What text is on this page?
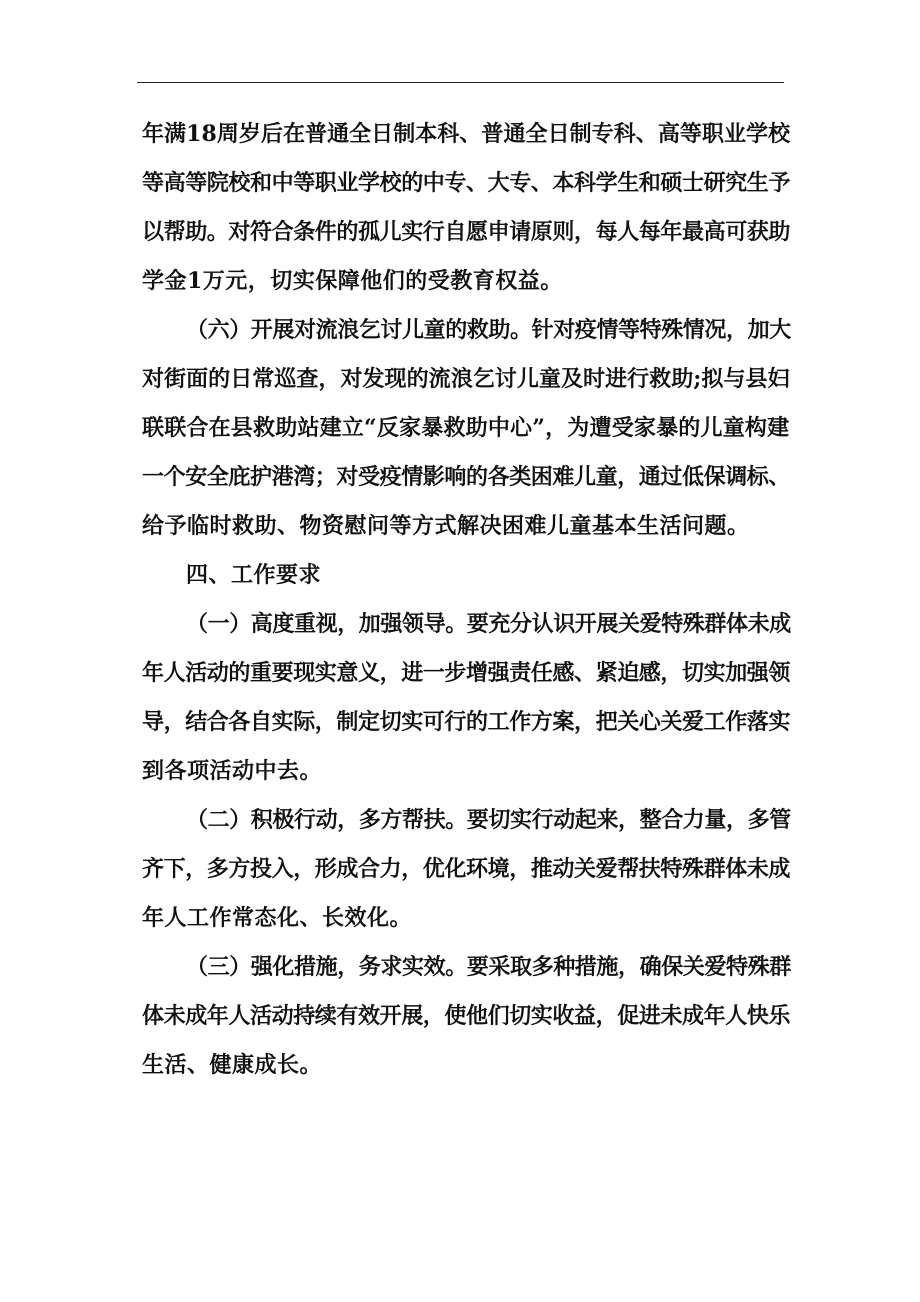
年满18周岁后在普通全日制本科、普通全日制专科、高等职业学校
等高等院校和中等职业学校的中专、大专、本科学生和硕士研究生予
以帮助。对符合条件的孤儿实行自愿申请原则，每人每年最高可获助
学金1万元，切实保障他们的受教育权益。
（六）开展对流浪乞讨儿童的救助。针对疫情等特殊情况，加大
对街面的日常巡查，对发现的流浪乞讨儿童及时进行救助;拟与县妇
联联合在县救助站建立“反家暴救助中心”，为遭受家暴的儿童构建
一个安全庇护港湾；对受疫情影响的各类困难儿童，通过低保调标、
给予临时救助、物资慰问等方式解决困难儿童基本生活问题。
四、工作要求
（一）高度重视，加强领导。要充分认识开展关爱特殊群体未成
年人活动的重要现实意义，进一步增强责任感、紧迫感，切实加强领
导，结合各自实际，制定切实可行的工作方案，把关心关爱工作落实
到各项活动中去。
（二）积极行动，多方帮扶。要切实行动起来，整合力量，多管
齐下，多方投入，形成合力，优化环境，推动关爱帮扶特殊群体未成
年人工作常态化、长效化。
（三）强化措施，务求实效。要采取多种措施，确保关爱特殊群
体未成年人活动持续有效开展，使他们切实收益，促进未成年人快乐
生活、健康成长。
